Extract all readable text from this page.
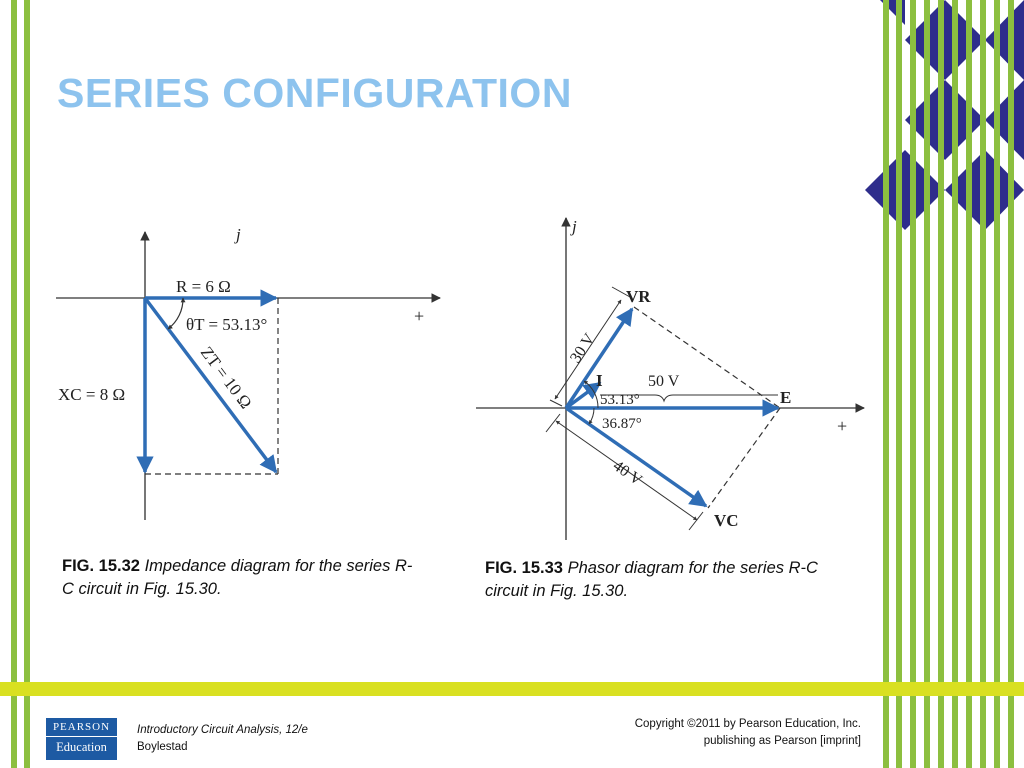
j
+
R = 6 Ω
θT = 53.13°
ZT = 10 Ω
XC = 8 Ω
j
+
VR
30 V
I	50 V
53.13°	E
36.87°
40 V
VC
SERIES CONFIGURATION
FIG. 15.32 Impedance diagram for the series R-C circuit in Fig. 15.30.
FIG. 15.33 Phasor diagram for the series R-C circuit in Fig. 15.30.
PEARSON
Education
Introductory Circuit Analysis, 12/e
Boylestad
Copyright ©2011 by Pearson Education, Inc.
publishing as Pearson [imprint]
